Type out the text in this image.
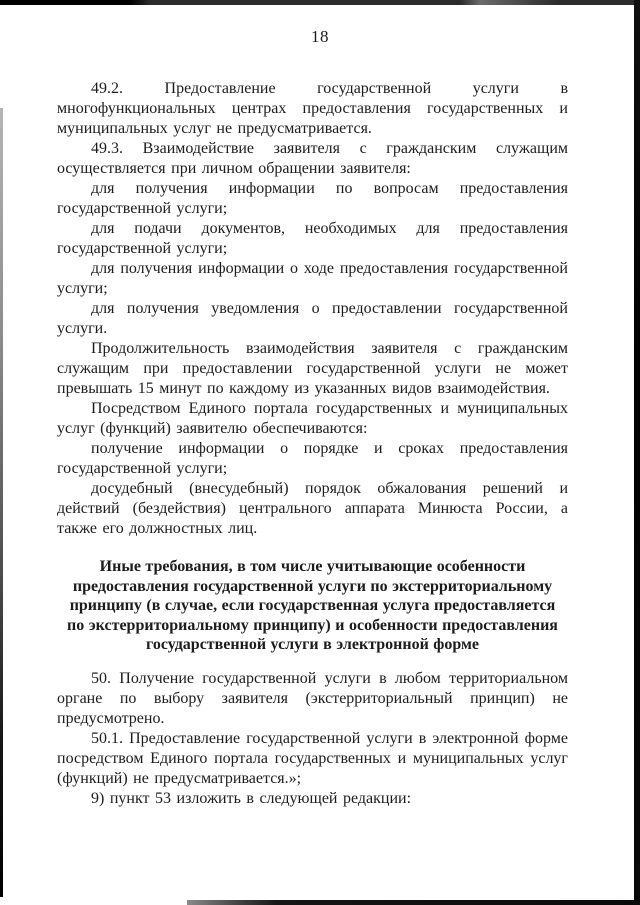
18

49.2. Предоставление государственной услуги в многофункциональных центрах предоставления государственных и муниципальных услуг не предусматривается.

49.3. Взаимодействие заявителя с гражданским служащим осуществляется при личном обращении заявителя:

для получения информации по вопросам предоставления государственной услуги;

для подачи документов, необходимых для предоставления государственной услуги;

для получения информации о ходе предоставления государственной услуги;

для получения уведомления о предоставлении государственной услуги.

Продолжительность взаимодействия заявителя с гражданским служащим при предоставлении государственной услуги не может превышать 15 минут по каждому из указанных видов взаимодействия.

Посредством Единого портала государственных и муниципальных услуг (функций) заявителю обеспечиваются:

получение информации о порядке и сроках предоставления государственной услуги;

досудебный (внесудебный) порядок обжалования решений и действий (бездействия) центрального аппарата Минюста России, а также его должностных лиц.

Иные требования, в том числе учитывающие особенности предоставления государственной услуги по экстерриториальному принципу (в случае, если государственная услуга предоставляется по экстерриториальному принципу) и особенности предоставления государственной услуги в электронной форме

50. Получение государственной услуги в любом территориальном органе по выбору заявителя (экстерриториальный принцип) не предусмотрено.

50.1. Предоставление государственной услуги в электронной форме посредством Единого портала государственных и муниципальных услуг (функций) не предусматривается.»;

9) пункт 53 изложить в следующей редакции:
